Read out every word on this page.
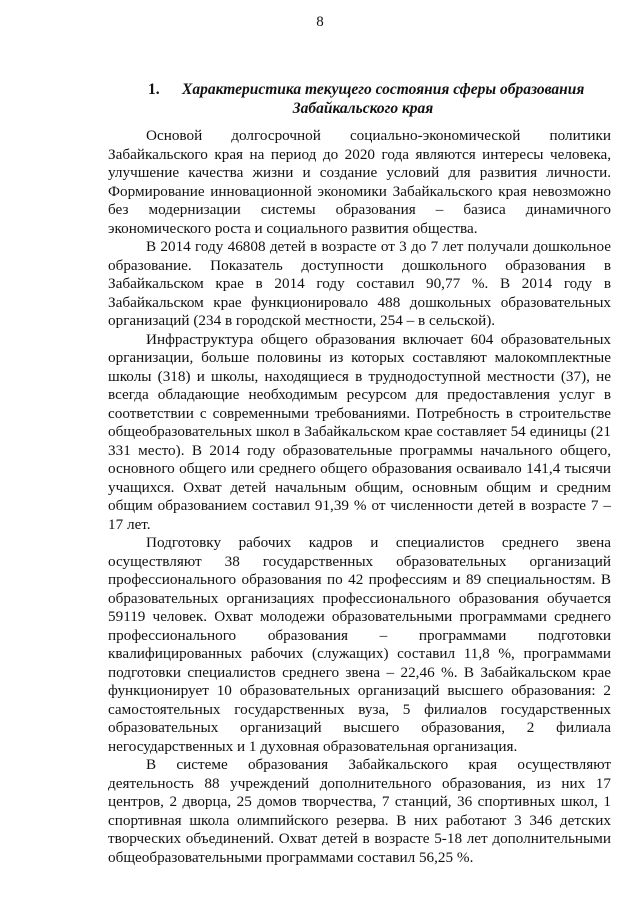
8
1. Характеристика текущего состояния сферы образования
Забайкальского края

Основой долгосрочной социально-экономической политики Забайкальского края на период до 2020 года являются интересы человека, улучшение качества жизни и создание условий для развития личности. Формирование инновационной экономики Забайкальского края невозможно без модернизации системы образования – базиса динамичного экономического роста и социального развития общества.

В 2014 году 46808 детей в возрасте от 3 до 7 лет получали дошкольное образование. Показатель доступности дошкольного образования в Забайкальском крае в 2014 году составил 90,77 %. В 2014 году в Забайкальском крае функционировало 488 дошкольных образовательных организаций (234 в городской местности, 254 – в сельской).

Инфраструктура общего образования включает 604 образовательных организации, больше половины из которых составляют малокомплектные школы (318) и школы, находящиеся в труднодоступной местности (37), не всегда обладающие необходимым ресурсом для предоставления услуг в соответствии с современными требованиями. Потребность в строительстве общеобразовательных школ в Забайкальском крае составляет 54 единицы (21 331 место). В 2014 году образовательные программы начального общего, основного общего или среднего общего образования осваивало 141,4 тысячи учащихся. Охват детей начальным общим, основным общим и средним общим образованием составил 91,39 % от численности детей в возрасте 7 – 17 лет.

Подготовку рабочих кадров и специалистов среднего звена осуществляют 38 государственных образовательных организаций профессионального образования по 42 профессиям и 89 специальностям. В образовательных организациях профессионального образования обучается 59119 человек. Охват молодежи образовательными программами среднего профессионального образования – программами подготовки квалифицированных рабочих (служащих) составил 11,8 %, программами подготовки специалистов среднего звена – 22,46 %. В Забайкальском крае функционирует 10 образовательных организаций высшего образования: 2 самостоятельных государственных вуза, 5 филиалов государственных образовательных организаций высшего образования, 2 филиала негосударственных и 1 духовная образовательная организация.

В системе образования Забайкальского края осуществляют деятельность 88 учреждений дополнительного образования, из них 17 центров, 2 дворца, 25 домов творчества, 7 станций, 36 спортивных школ, 1 спортивная школа олимпийского резерва. В них работают 3 346 детских творческих объединений. Охват детей в возрасте 5-18 лет дополнительными общеобразовательными программами составил 56,25 %.
